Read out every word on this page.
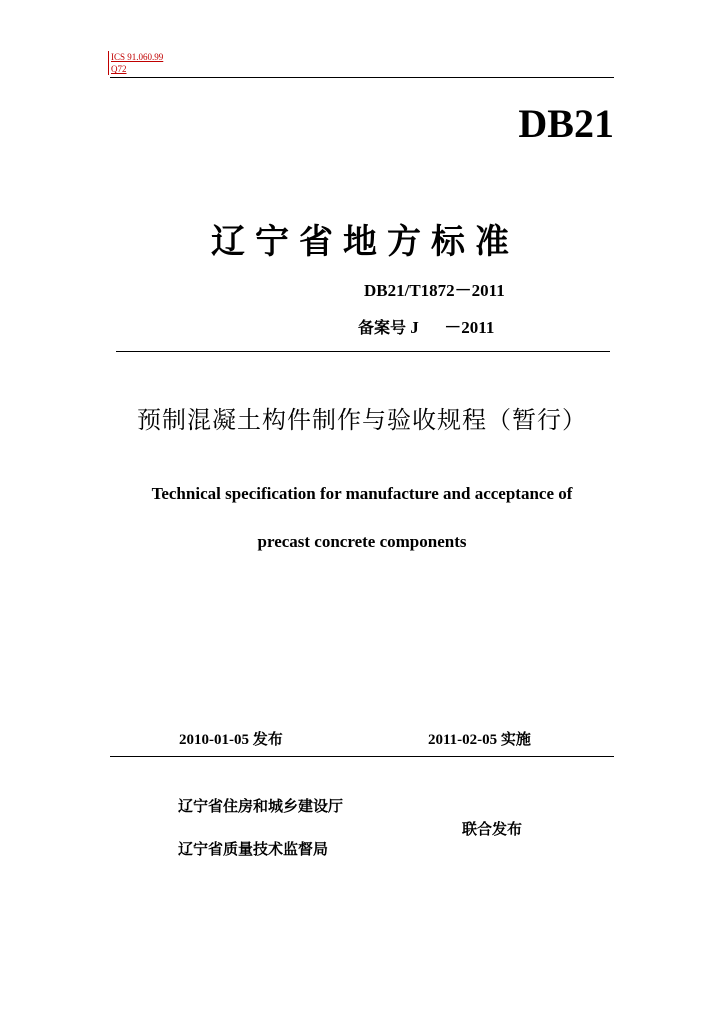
ICS 91.060.99
Q72
DB21
辽宁省地方标准
DB21/T1872－2011
备案号 J      －2011
预制混凝土构件制作与验收规程（暂行）
Technical specification for manufacture and acceptance of
precast concrete components
2010-01-05 发布	2011-02-05 实施
辽宁省住房和城乡建设厅
联合发布
辽宁省质量技术监督局
